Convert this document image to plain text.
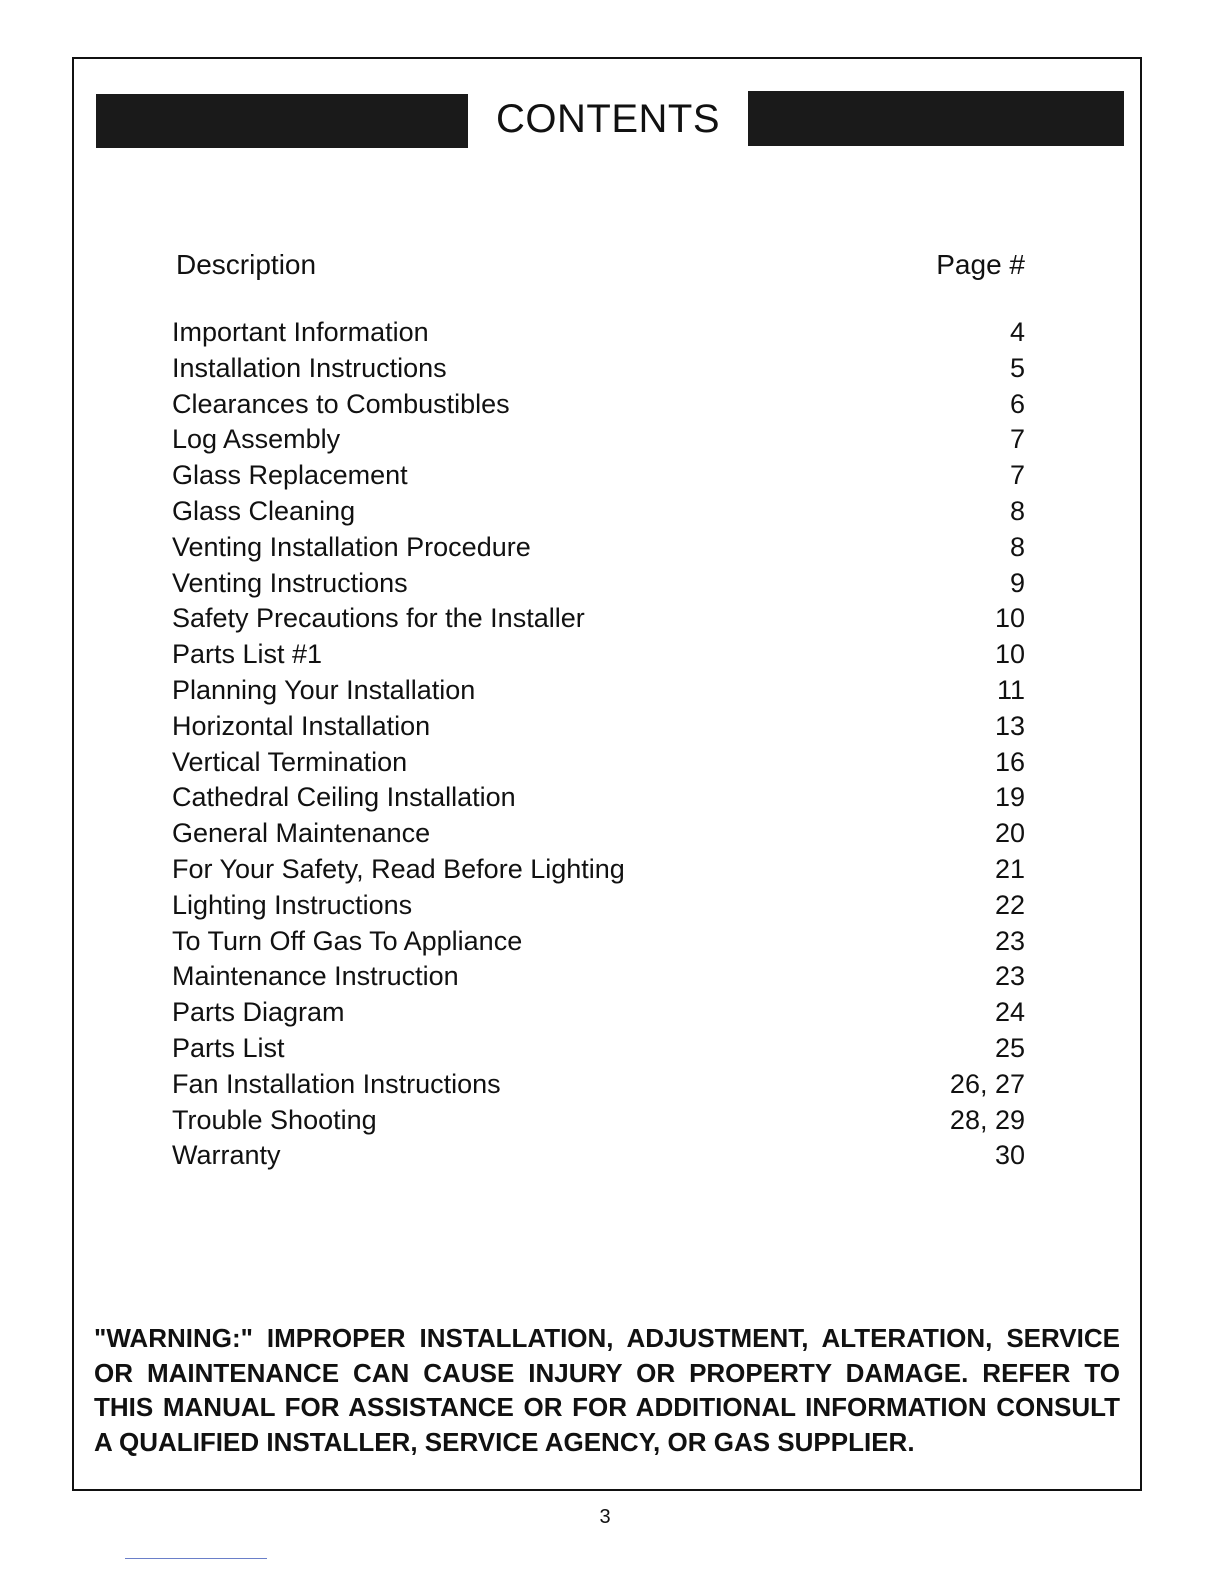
CONTENTS
Description	Page #
Important Information	4
Installation Instructions	5
Clearances to Combustibles	6
Log Assembly	7
Glass Replacement	7
Glass Cleaning	8
Venting Installation Procedure	8
Venting Instructions	9
Safety Precautions for the Installer	10
Parts List #1	10
Planning Your Installation	11
Horizontal Installation	13
Vertical Termination	16
Cathedral Ceiling Installation	19
General Maintenance	20
For Your Safety, Read Before Lighting	21
Lighting Instructions	22
To Turn Off Gas To Appliance	23
Maintenance Instruction	23
Parts Diagram	24
Parts List	25
Fan Installation Instructions	26, 27
Trouble Shooting	28, 29
Warranty	30
"WARNING:" IMPROPER INSTALLATION, ADJUSTMENT, ALTERATION, SERVICE OR MAINTENANCE CAN CAUSE INJURY OR PROPERTY DAMAGE. REFER TO THIS MANUAL FOR ASSISTANCE OR FOR ADDITIONAL INFORMATION CONSULT A QUALIFIED INSTALLER, SERVICE AGENCY, OR GAS SUPPLIER.
3
